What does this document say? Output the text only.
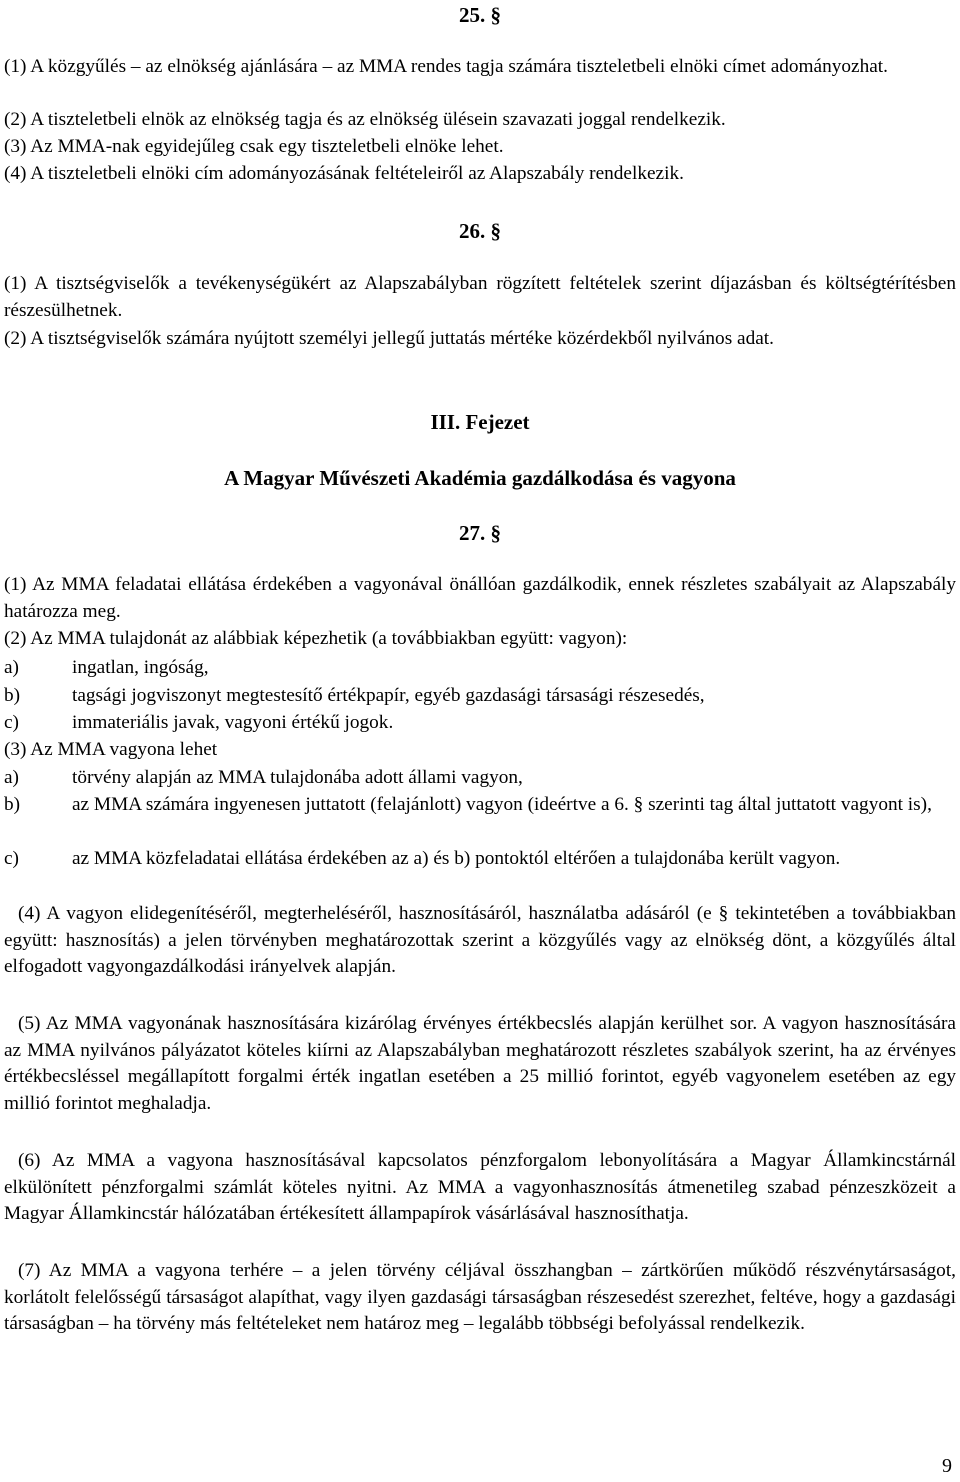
25. §
(1) A közgyűlés – az elnökség ajánlására – az MMA rendes tagja számára tiszteletbeli elnöki címet adományozhat.
(2) A tiszteletbeli elnök az elnökség tagja és az elnökség ülésein szavazati joggal rendelkezik.
(3) Az MMA-nak egyidejűleg csak egy tiszteletbeli elnöke lehet.
(4) A tiszteletbeli elnöki cím adományozásának feltételeiről az Alapszabály rendelkezik.
26. §
(1) A tisztségviselők a tevékenységükért az Alapszabályban rögzített feltételek szerint díjazásban és költségtérítésben részesülhetnek.
(2) A tisztségviselők számára nyújtott személyi jellegű juttatás mértéke közérdekből nyilvános adat.
III. Fejezet
A Magyar Művészeti Akadémia gazdálkodása és vagyona
27. §
(1) Az MMA feladatai ellátása érdekében a vagyonával önállóan gazdálkodik, ennek részletes szabályait az Alapszabály határozza meg.
(2) Az MMA tulajdonát az alábbiak képezhetik (a továbbiakban együtt: vagyon):
a)	ingatlan, ingóság,
b)	tagsági jogviszonyt megtestesítő értékpapír, egyéb gazdasági társasági részesedés,
c)	immateriális javak, vagyoni értékű jogok.
(3) Az MMA vagyona lehet
a)	törvény alapján az MMA tulajdonába adott állami vagyon,
b)	az MMA számára ingyenesen juttatott (felajánlott) vagyon (ideértve a 6. § szerinti tag által juttatott vagyont is),
c)	az MMA közfeladatai ellátása érdekében az a) és b) pontoktól eltérően a tulajdonába került vagyon.
(4) A vagyon elidegenítéséről, megterheléséről, hasznosításáról, használatba adásáról (e § tekintetében a továbbiakban együtt: hasznosítás) a jelen törvényben meghatározottak szerint a közgyűlés vagy az elnökség dönt, a közgyűlés által elfogadott vagyongazdálkodási irányelvek alapján.
(5) Az MMA vagyonának hasznosítására kizárólag érvényes értékbecslés alapján kerülhet sor. A vagyon hasznosítására az MMA nyilvános pályázatot köteles kiírni az Alapszabályban meghatározott részletes szabályok szerint, ha az érvényes értékbecsléssel megállapított forgalmi érték ingatlan esetében a 25 millió forintot, egyéb vagyonelem esetében az egy millió forintot meghaladja.
(6) Az MMA a vagyona hasznosításával kapcsolatos pénzforgalom lebonyolítására a Magyar Államkincstárnál elkülönített pénzforgalmi számlát köteles nyitni. Az MMA a vagyonhasznosítás átmenetileg szabad pénzeszközeit a Magyar Államkincstár hálózatában értékesített állampapírok vásárlásával hasznosíthatja.
(7) Az MMA a vagyona terhére – a jelen törvény céljával összhangban – zártkörűen működő részvénytársaságot, korlátolt felelősségű társaságot alapíthat, vagy ilyen gazdasági társaságban részesedést szerezhet, feltéve, hogy a gazdasági társaságban – ha törvény más feltételeket nem határoz meg – legalább többségi befolyással rendelkezik.
9
